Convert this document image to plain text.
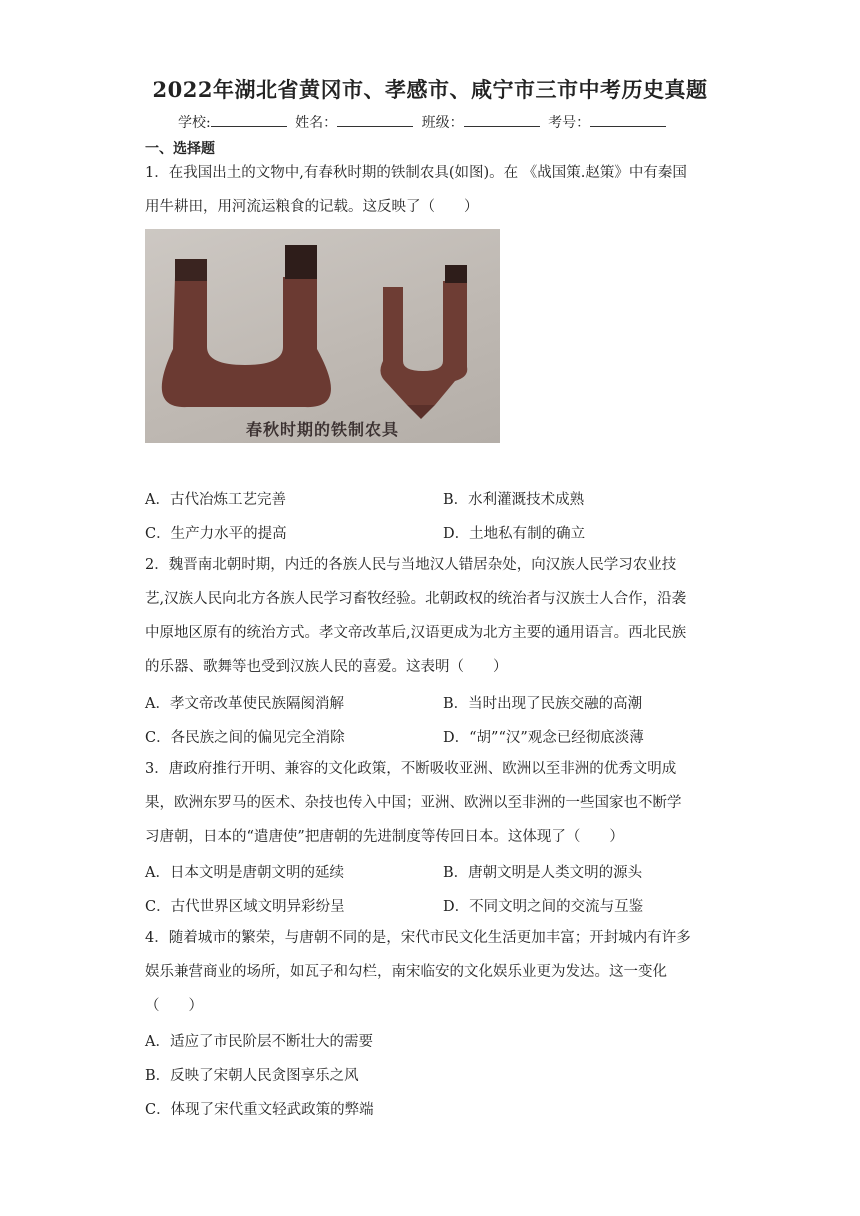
2022年湖北省黄冈市、孝感市、咸宁市三市中考历史真题
学校:	姓名：	班级：	考号：
一、选择题

1．在我国出土的文物中,有春秋时期的铁制农具(如图)。在 《战国策.赵策》中有秦国

用牛耕田，用河流运粮食的记载。这反映了（　　）

春秋时期的铁制农具
A．古代冶炼工艺完善	B．水利灌溉技术成熟
C．生产力水平的提高	D．土地私有制的确立

2．魏晋南北朝时期，内迁的各族人民与当地汉人错居杂处，向汉族人民学习农业技

艺,汉族人民向北方各族人民学习畜牧经验。北朝政权的统治者与汉族士人合作，沿袭

中原地区原有的统治方式。孝文帝改革后,汉语更成为北方主要的通用语言。西北民族

的乐器、歌舞等也受到汉族人民的喜爱。这表明（　　）

A．孝文帝改革使民族隔阂消解	B．当时出现了民族交融的高潮
C．各民族之间的偏见完全消除	D．“胡”“汉”观念已经彻底淡薄

3．唐政府推行开明、兼容的文化政策，不断吸收亚洲、欧洲以至非洲的优秀文明成

果，欧洲东罗马的医术、杂技也传入中国；亚洲、欧洲以至非洲的一些国家也不断学

习唐朝，日本的“遣唐使”把唐朝的先进制度等传回日本。这体现了（　　）

A．日本文明是唐朝文明的延续	B．唐朝文明是人类文明的源头
C．古代世界区域文明异彩纷呈	D．不同文明之间的交流与互鉴

4．随着城市的繁荣，与唐朝不同的是，宋代市民文化生活更加丰富；开封城内有许多

娱乐兼营商业的场所，如瓦子和勾栏，南宋临安的文化娱乐业更为发达。这一变化

（　　）

A．适应了市民阶层不断壮大的需要
B．反映了宋朝人民贪图享乐之风
C．体现了宋代重文轻武政策的弊端
